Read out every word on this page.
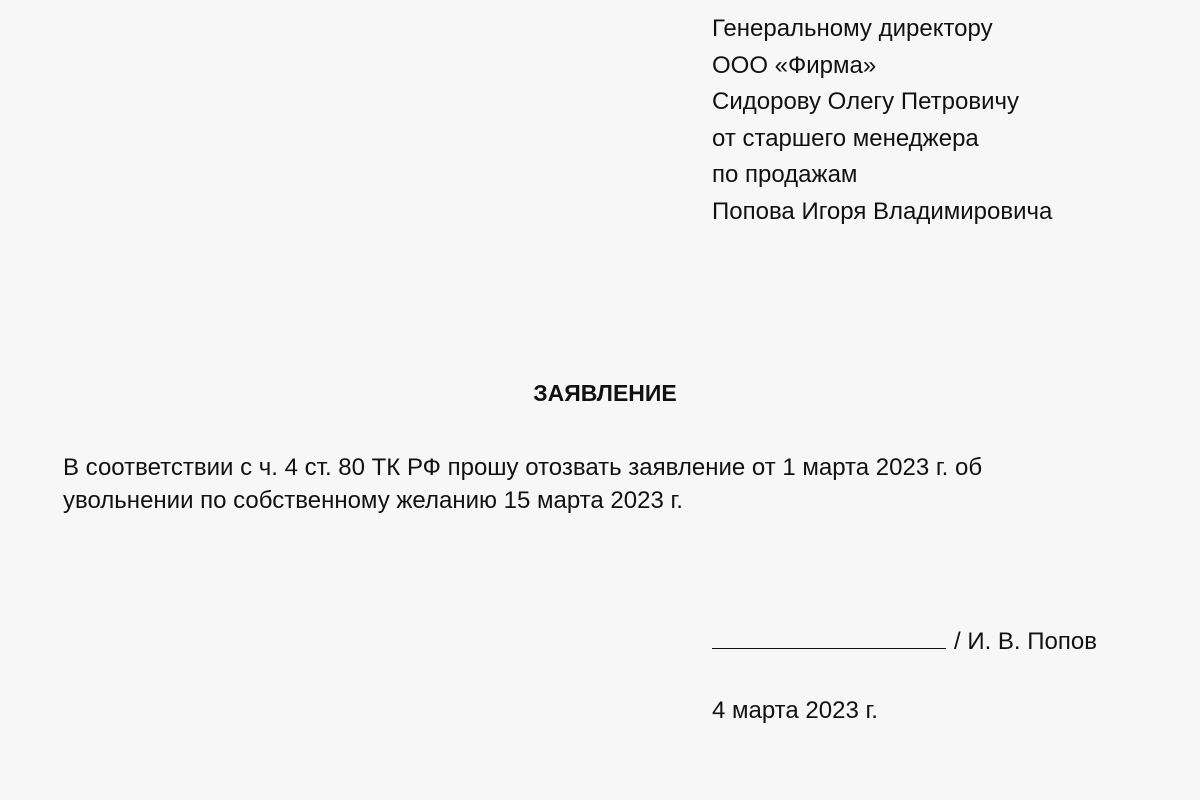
Генеральному директору
ООО «Фирма»
Сидорову Олегу Петровичу
от старшего менеджера
по продажам
Попова Игоря Владимировича
ЗАЯВЛЕНИЕ
В соответствии с ч. 4 ст. 80 ТК РФ прошу отозвать заявление от 1 марта 2023 г. об
увольнении по собственному желанию 15 марта 2023 г.
/ И. В. Попов
4 марта 2023 г.
